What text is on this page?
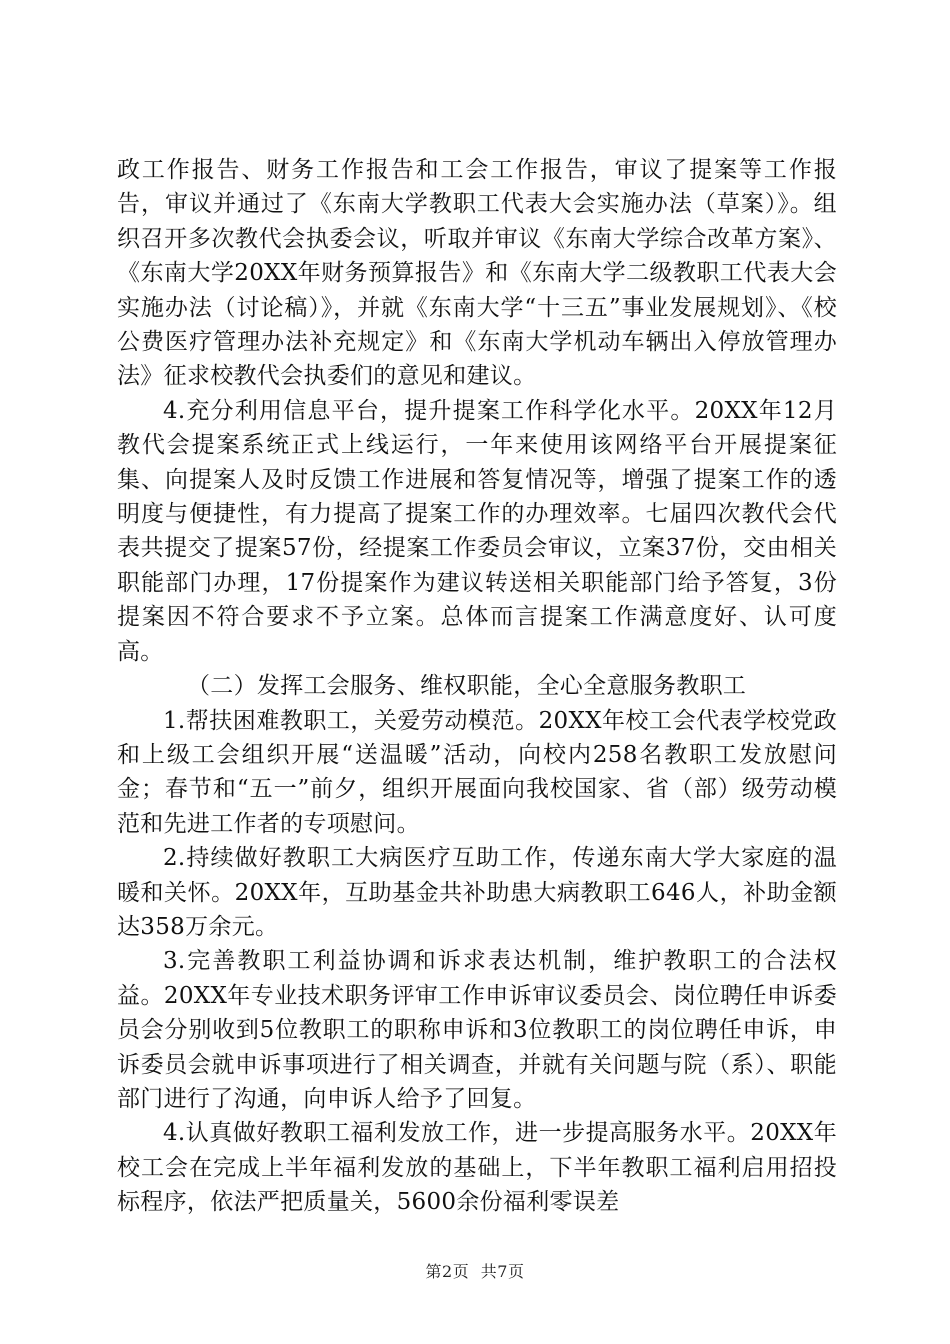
政工作报告、财务工作报告和工会工作报告，审议了提案等工作报告，审议并通过了《东南大学教职工代表大会实施办法（草案）》。组织召开多次教代会执委会议，听取并审议《东南大学综合改革方案》、《东南大学20XX年财务预算报告》和《东南大学二级教职工代表大会实施办法（讨论稿）》，并就《东南大学“十三五”事业发展规划》、《校公费医疗管理办法补充规定》和《东南大学机动车辆出入停放管理办法》征求校教代会执委们的意见和建议。

4.充分利用信息平台，提升提案工作科学化水平。20XX年12月教代会提案系统正式上线运行，一年来使用该网络平台开展提案征集、向提案人及时反馈工作进展和答复情况等，增强了提案工作的透明度与便捷性，有力提高了提案工作的办理效率。七届四次教代会代表共提交了提案57份，经提案工作委员会审议，立案37份，交由相关职能部门办理，17份提案作为建议转送相关职能部门给予答复，3份提案因不符合要求不予立案。总体而言提案工作满意度好、认可度高。

（二）发挥工会服务、维权职能，全心全意服务教职工

1.帮扶困难教职工，关爱劳动模范。20XX年校工会代表学校党政和上级工会组织开展“送温暖”活动，向校内258名教职工发放慰问金；春节和“五一”前夕，组织开展面向我校国家、省（部）级劳动模范和先进工作者的专项慰问。

2.持续做好教职工大病医疗互助工作，传递东南大学大家庭的温暖和关怀。20XX年，互助基金共补助患大病教职工646人，补助金额达358万余元。

3.完善教职工利益协调和诉求表达机制，维护教职工的合法权益。20XX年专业技术职务评审工作申诉审议委员会、岗位聘任申诉委员会分别收到5位教职工的职称申诉和3位教职工的岗位聘任申诉，申诉委员会就申诉事项进行了相关调查，并就有关问题与院（系）、职能部门进行了沟通，向申诉人给予了回复。

4.认真做好教职工福利发放工作，进一步提高服务水平。20XX年校工会在完成上半年福利发放的基础上，下半年教职工福利启用招投标程序，依法严把质量关，5600余份福利零误差

第2页 共7页
